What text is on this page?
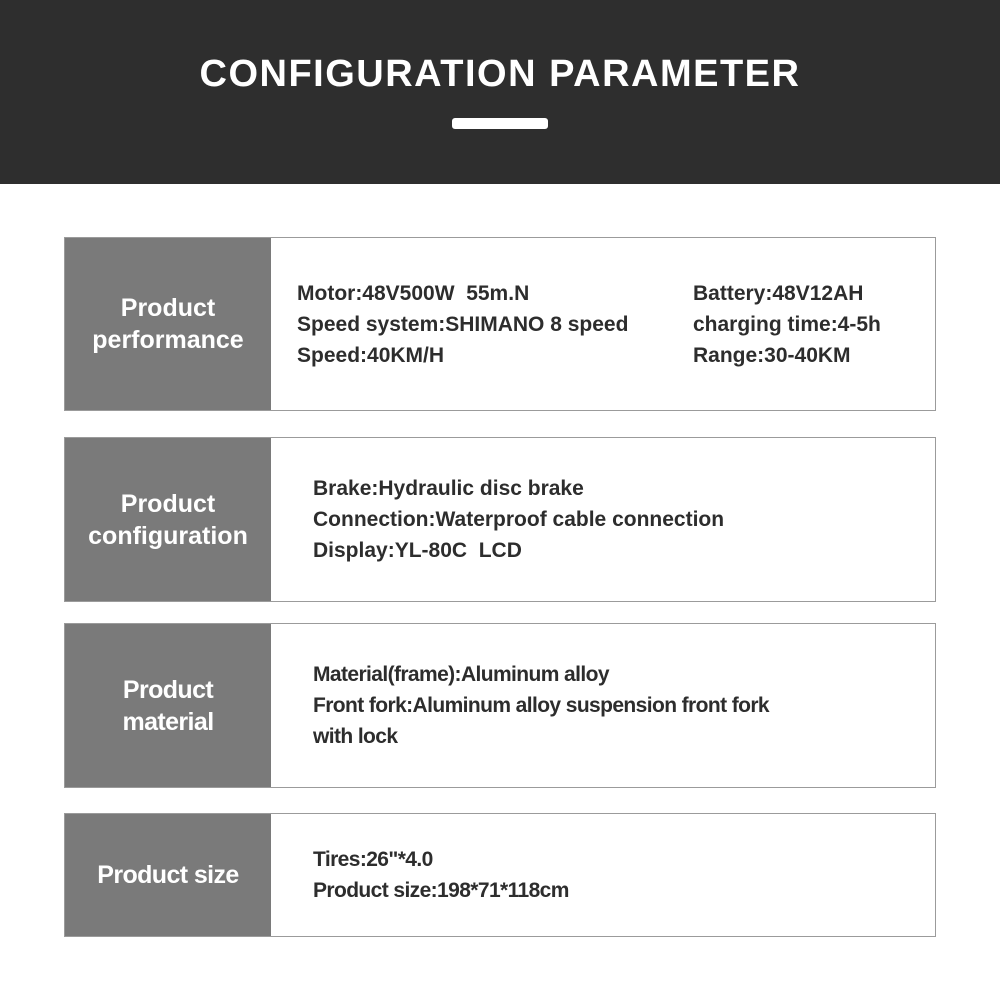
CONFIGURATION PARAMETER
Product performance
Motor:48V500W  55m.N
Speed system:SHIMANO 8 speed
Speed:40KM/H
Battery:48V12AH
charging time:4-5h
Range:30-40KM
Product configuration
Brake:Hydraulic disc brake
Connection:Waterproof cable connection
Display:YL-80C  LCD
Product material
Material(frame):Aluminum alloy
Front fork:Aluminum alloy suspension front fork
with lock
Product size
Tires:26"*4.0
Product size:198*71*118cm
